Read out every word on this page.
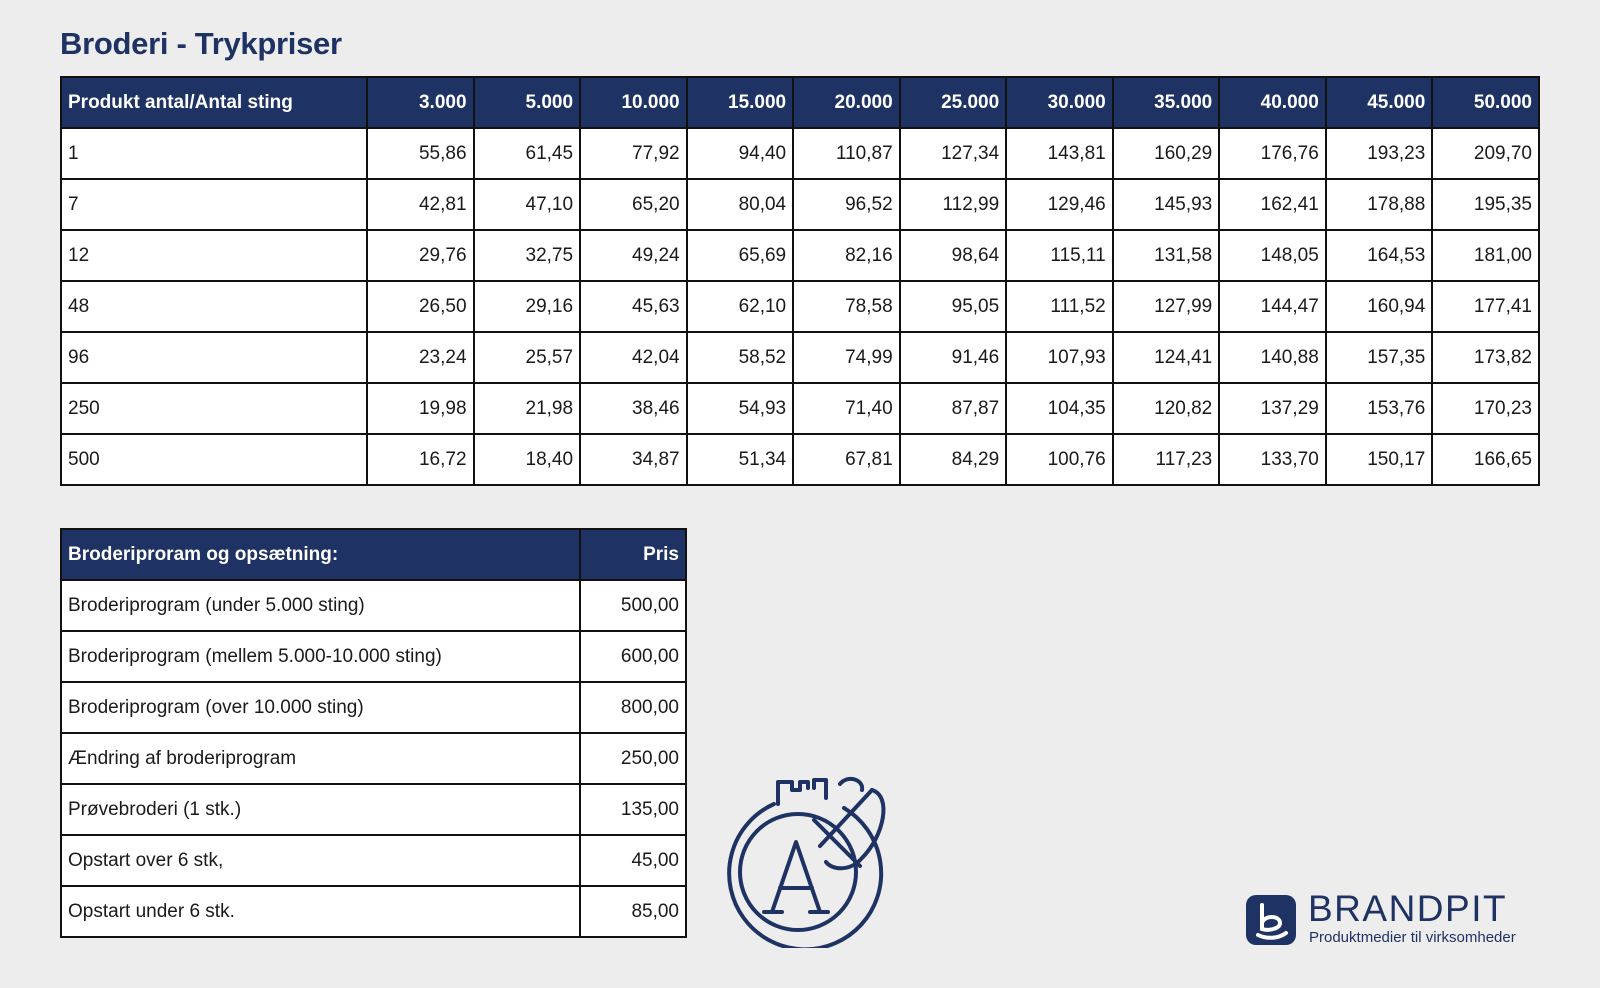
Broderi - Trykpriser
Produkt antal/Antal sting	3.000	5.000	10.000	15.000	20.000	25.000	30.000	35.000	40.000	45.000	50.000
1	55,86	61,45	77,92	94,40	110,87	127,34	143,81	160,29	176,76	193,23	209,70
7	42,81	47,10	65,20	80,04	96,52	112,99	129,46	145,93	162,41	178,88	195,35
12	29,76	32,75	49,24	65,69	82,16	98,64	115,11	131,58	148,05	164,53	181,00
48	26,50	29,16	45,63	62,10	78,58	95,05	111,52	127,99	144,47	160,94	177,41
96	23,24	25,57	42,04	58,52	74,99	91,46	107,93	124,41	140,88	157,35	173,82
250	19,98	21,98	38,46	54,93	71,40	87,87	104,35	120,82	137,29	153,76	170,23
500	16,72	18,40	34,87	51,34	67,81	84,29	100,76	117,23	133,70	150,17	166,65
Broderiproram og opsætning:	Pris
Broderiprogram (under 5.000 sting)	500,00
Broderiprogram (mellem 5.000-10.000 sting)	600,00
Broderiprogram (over 10.000 sting)	800,00
Ændring af broderiprogram	250,00
Prøvebroderi (1 stk.)	135,00
Opstart over 6 stk,	45,00
Opstart under 6 stk.	85,00	BRANDPIT
Produktmedier til virksomheder
